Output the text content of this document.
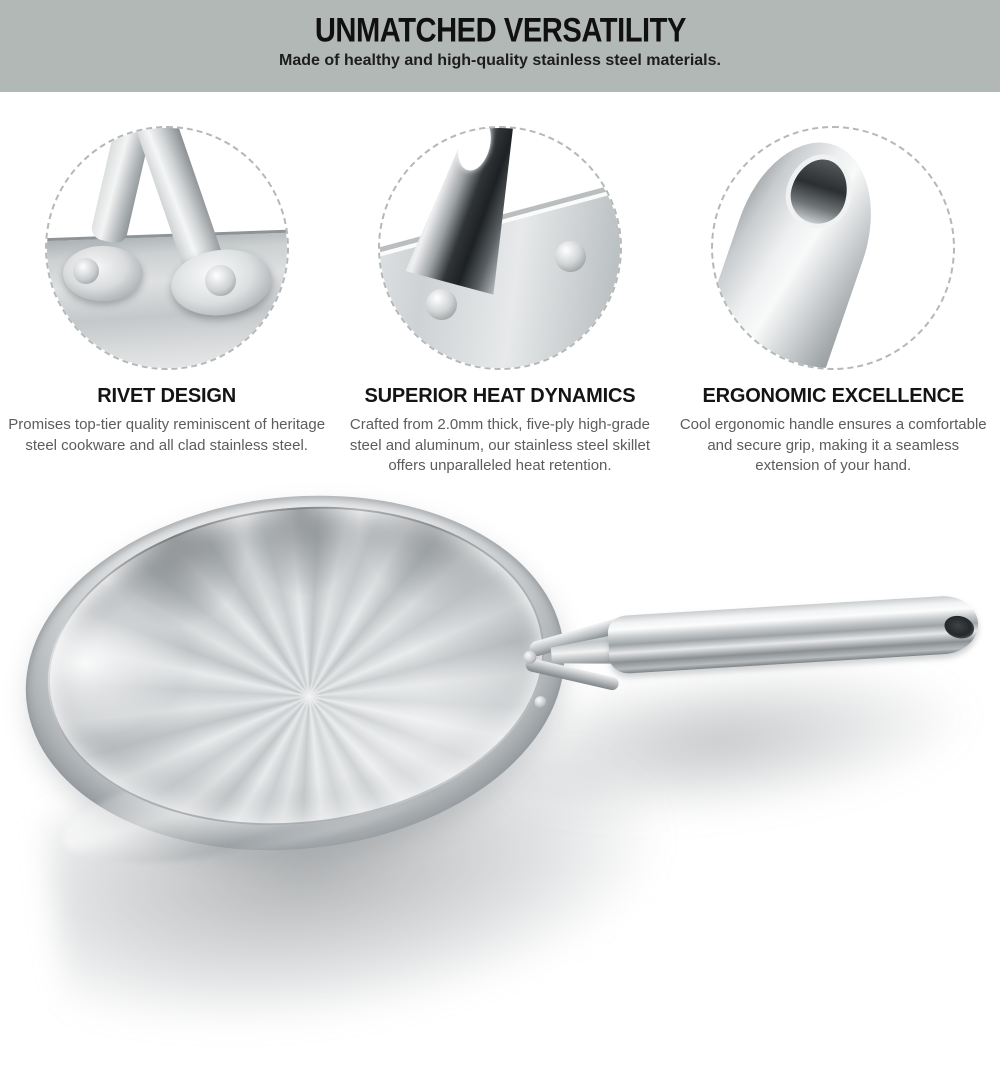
UNMATCHED VERSATILITY
Made of healthy and high-quality stainless steel materials.
RIVET DESIGN
Promises top-tier quality reminiscent of heritage steel cookware and all clad stainless steel.
SUPERIOR HEAT DYNAMICS
Crafted from 2.0mm thick, five-ply high-grade steel and aluminum, our stainless steel skillet offers unparalleled heat retention.
ERGONOMIC EXCELLENCE
Cool ergonomic handle ensures a comfortable and secure grip, making it a seamless extension of your hand.
